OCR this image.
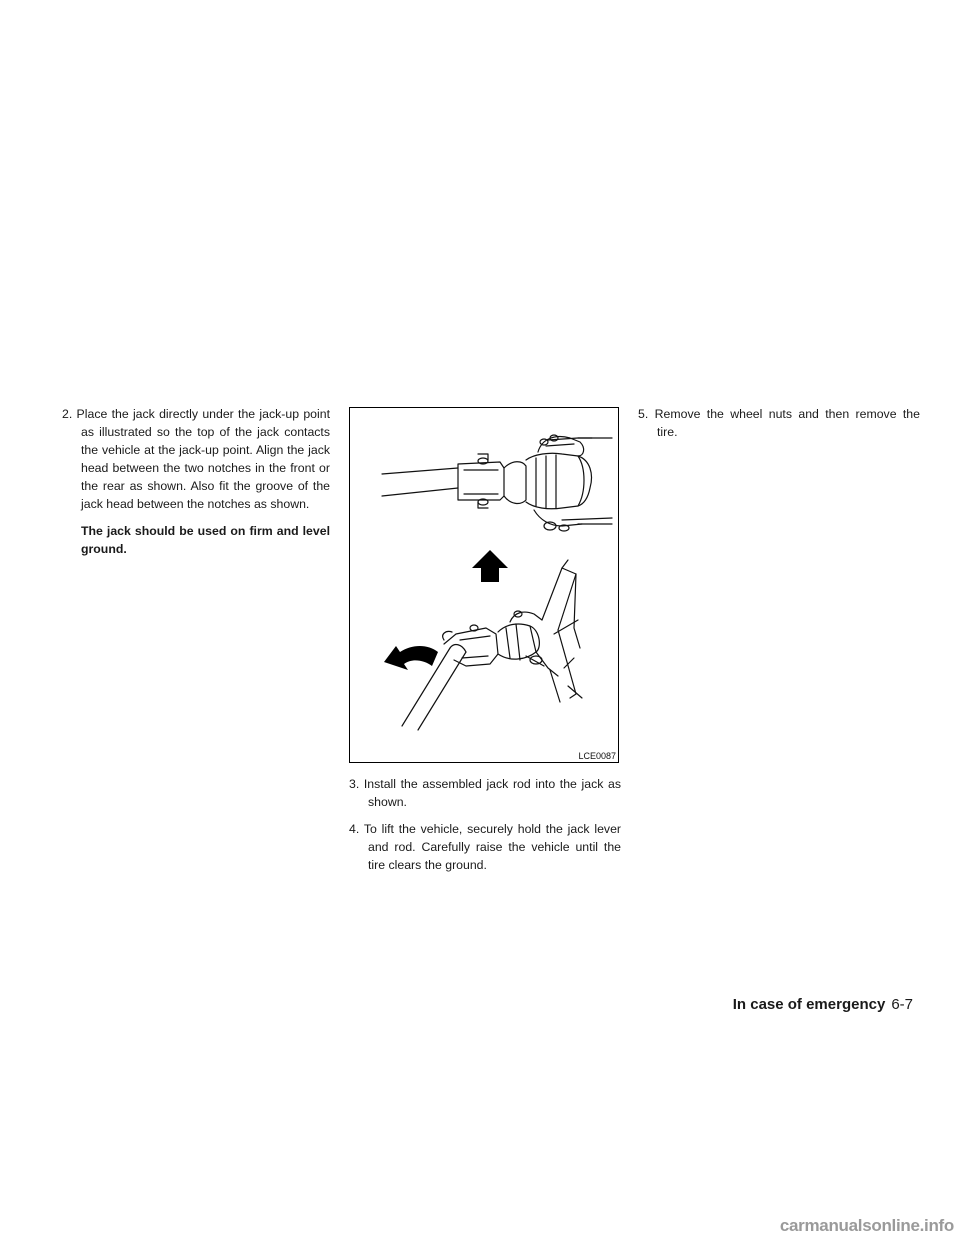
2. Place the jack directly under the jack-up point as illustrated so the top of the jack contacts the vehicle at the jack-up point. Align the jack head between the two notches in the front or the rear as shown. Also fit the groove of the jack head between the notches as shown.

The jack should be used on firm and level ground.

LCE0087

3. Install the assembled jack rod into the jack as shown.

4. To lift the vehicle, securely hold the jack lever and rod. Carefully raise the vehicle until the tire clears the ground.

5. Remove the wheel nuts and then remove the tire.

In case of emergency 6-7
carmanualsonline.info
